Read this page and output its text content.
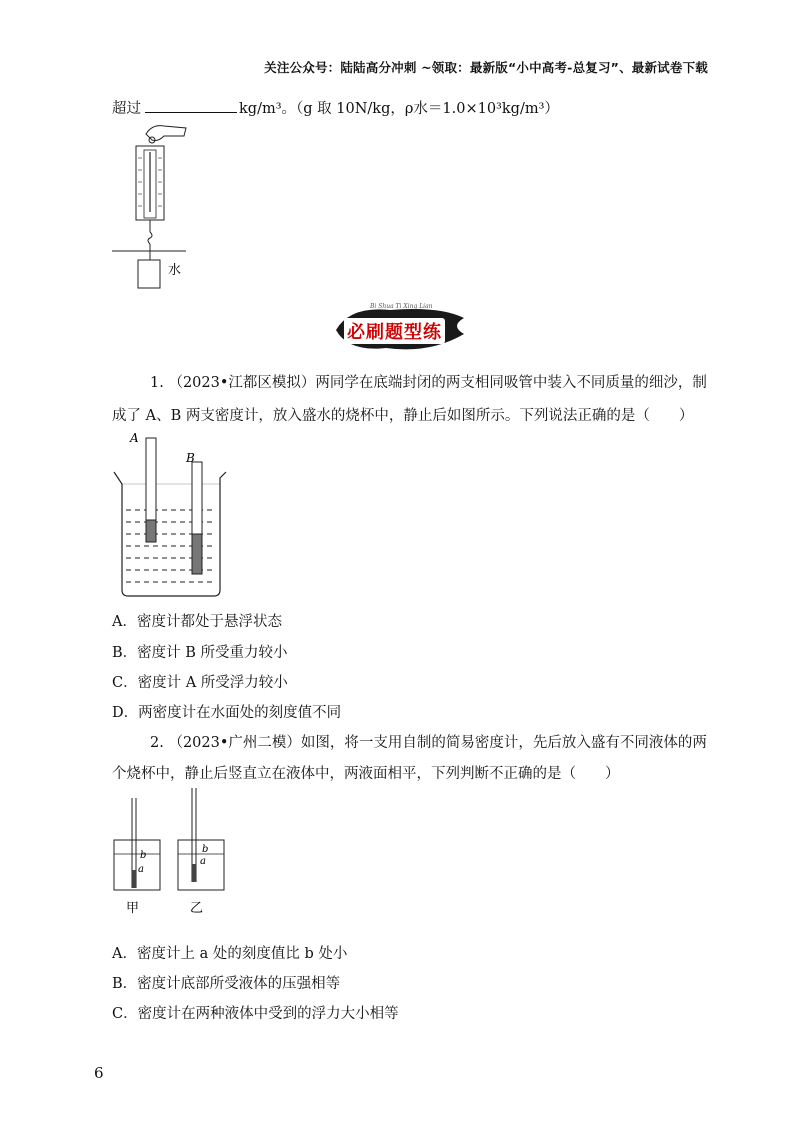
关注公众号：陆陆高分冲刺 ~领取：最新版“小中高考-总复习”、最新试卷下载
超过	kg/m³。（g 取 10N/kg，ρ水＝1.0×10³kg/m³）
水
Bi Shua Ti Xing Lian
必刷题型练
1. （2023•江都区模拟）两同学在底端封闭的两支相同吸管中装入不同质量的细沙，制
成了 A、B 两支密度计，放入盛水的烧杯中，静止后如图所示。下列说法正确的是（　　）
A
B
A．密度计都处于悬浮状态
B．密度计 B 所受重力较小
C．密度计 A 所受浮力较小
D．两密度计在水面处的刻度值不同
2. （2023•广州二模）如图，将一支用自制的简易密度计，先后放入盛有不同液体的两
个烧杯中，静止后竖直立在液体中，两液面相平，下列判断不正确的是（　　）
b
a
b
a
甲	乙
A．密度计上 a 处的刻度值比 b 处小
B．密度计底部所受液体的压强相等
C．密度计在两种液体中受到的浮力大小相等
6
